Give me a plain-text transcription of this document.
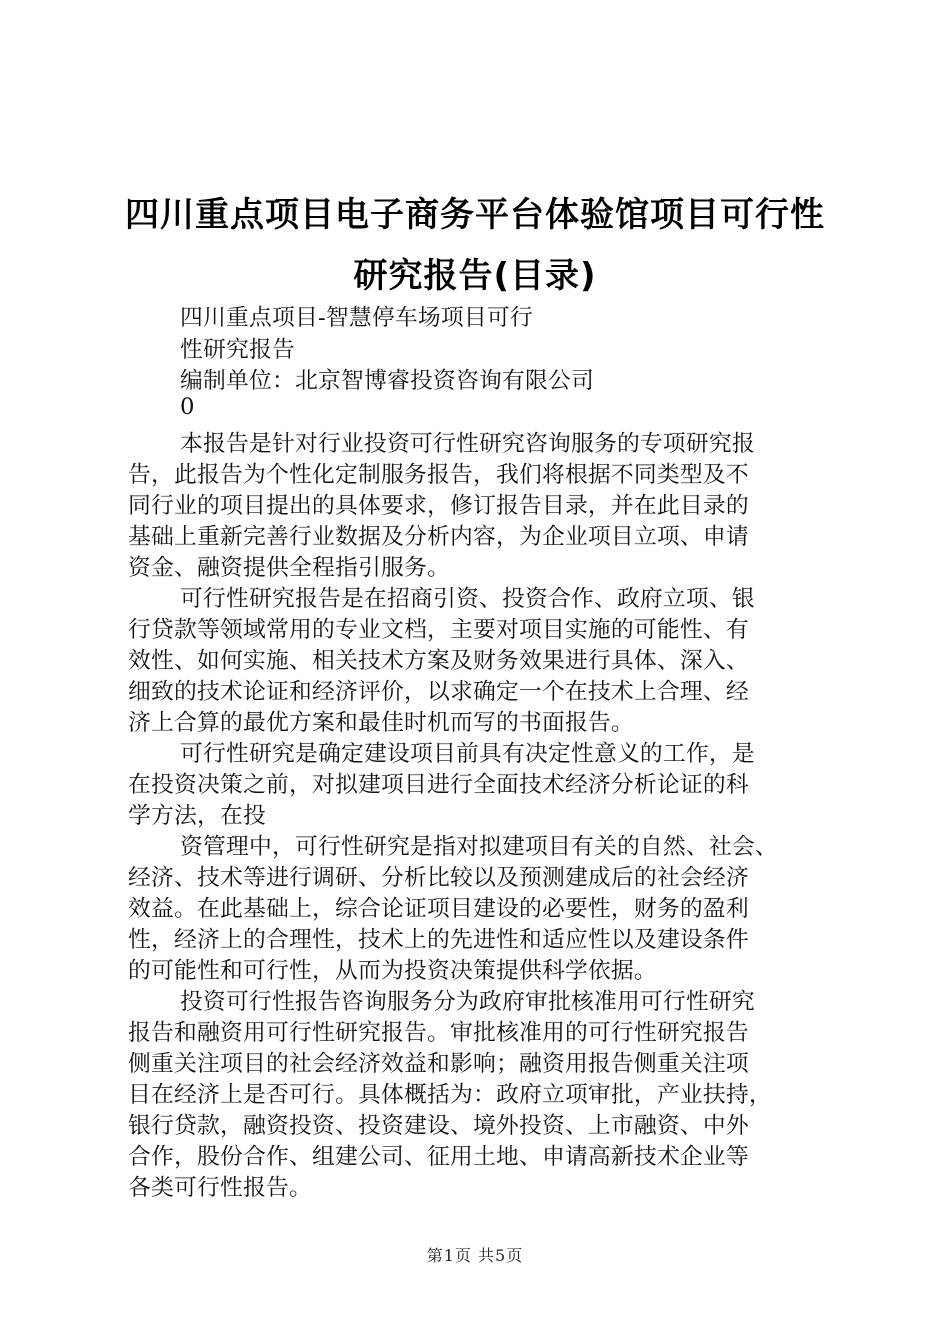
四川重点项目电子商务平台体验馆项目可行性
研究报告(目录)
四川重点项目-智慧停车场项目可行
性研究报告
编制单位：北京智博睿投资咨询有限公司
0
本报告是针对行业投资可行性研究咨询服务的专项研究报
告，此报告为个性化定制服务报告，我们将根据不同类型及不
同行业的项目提出的具体要求，修订报告目录，并在此目录的
基础上重新完善行业数据及分析内容，为企业项目立项、申请
资金、融资提供全程指引服务。
可行性研究报告是在招商引资、投资合作、政府立项、银
行贷款等领域常用的专业文档，主要对项目实施的可能性、有
效性、如何实施、相关技术方案及财务效果进行具体、深入、
细致的技术论证和经济评价，以求确定一个在技术上合理、经
济上合算的最优方案和最佳时机而写的书面报告。
可行性研究是确定建设项目前具有决定性意义的工作，是
在投资决策之前，对拟建项目进行全面技术经济分析论证的科
学方法，在投
资管理中，可行性研究是指对拟建项目有关的自然、社会、
经济、技术等进行调研、分析比较以及预测建成后的社会经济
效益。在此基础上，综合论证项目建设的必要性，财务的盈利
性，经济上的合理性，技术上的先进性和适应性以及建设条件
的可能性和可行性，从而为投资决策提供科学依据。
投资可行性报告咨询服务分为政府审批核准用可行性研究
报告和融资用可行性研究报告。审批核准用的可行性研究报告
侧重关注项目的社会经济效益和影响；融资用报告侧重关注项
目在经济上是否可行。具体概括为：政府立项审批，产业扶持，
银行贷款，融资投资、投资建设、境外投资、上市融资、中外
合作，股份合作、组建公司、征用土地、申请高新技术企业等
各类可行性报告。
第1页 共5页
